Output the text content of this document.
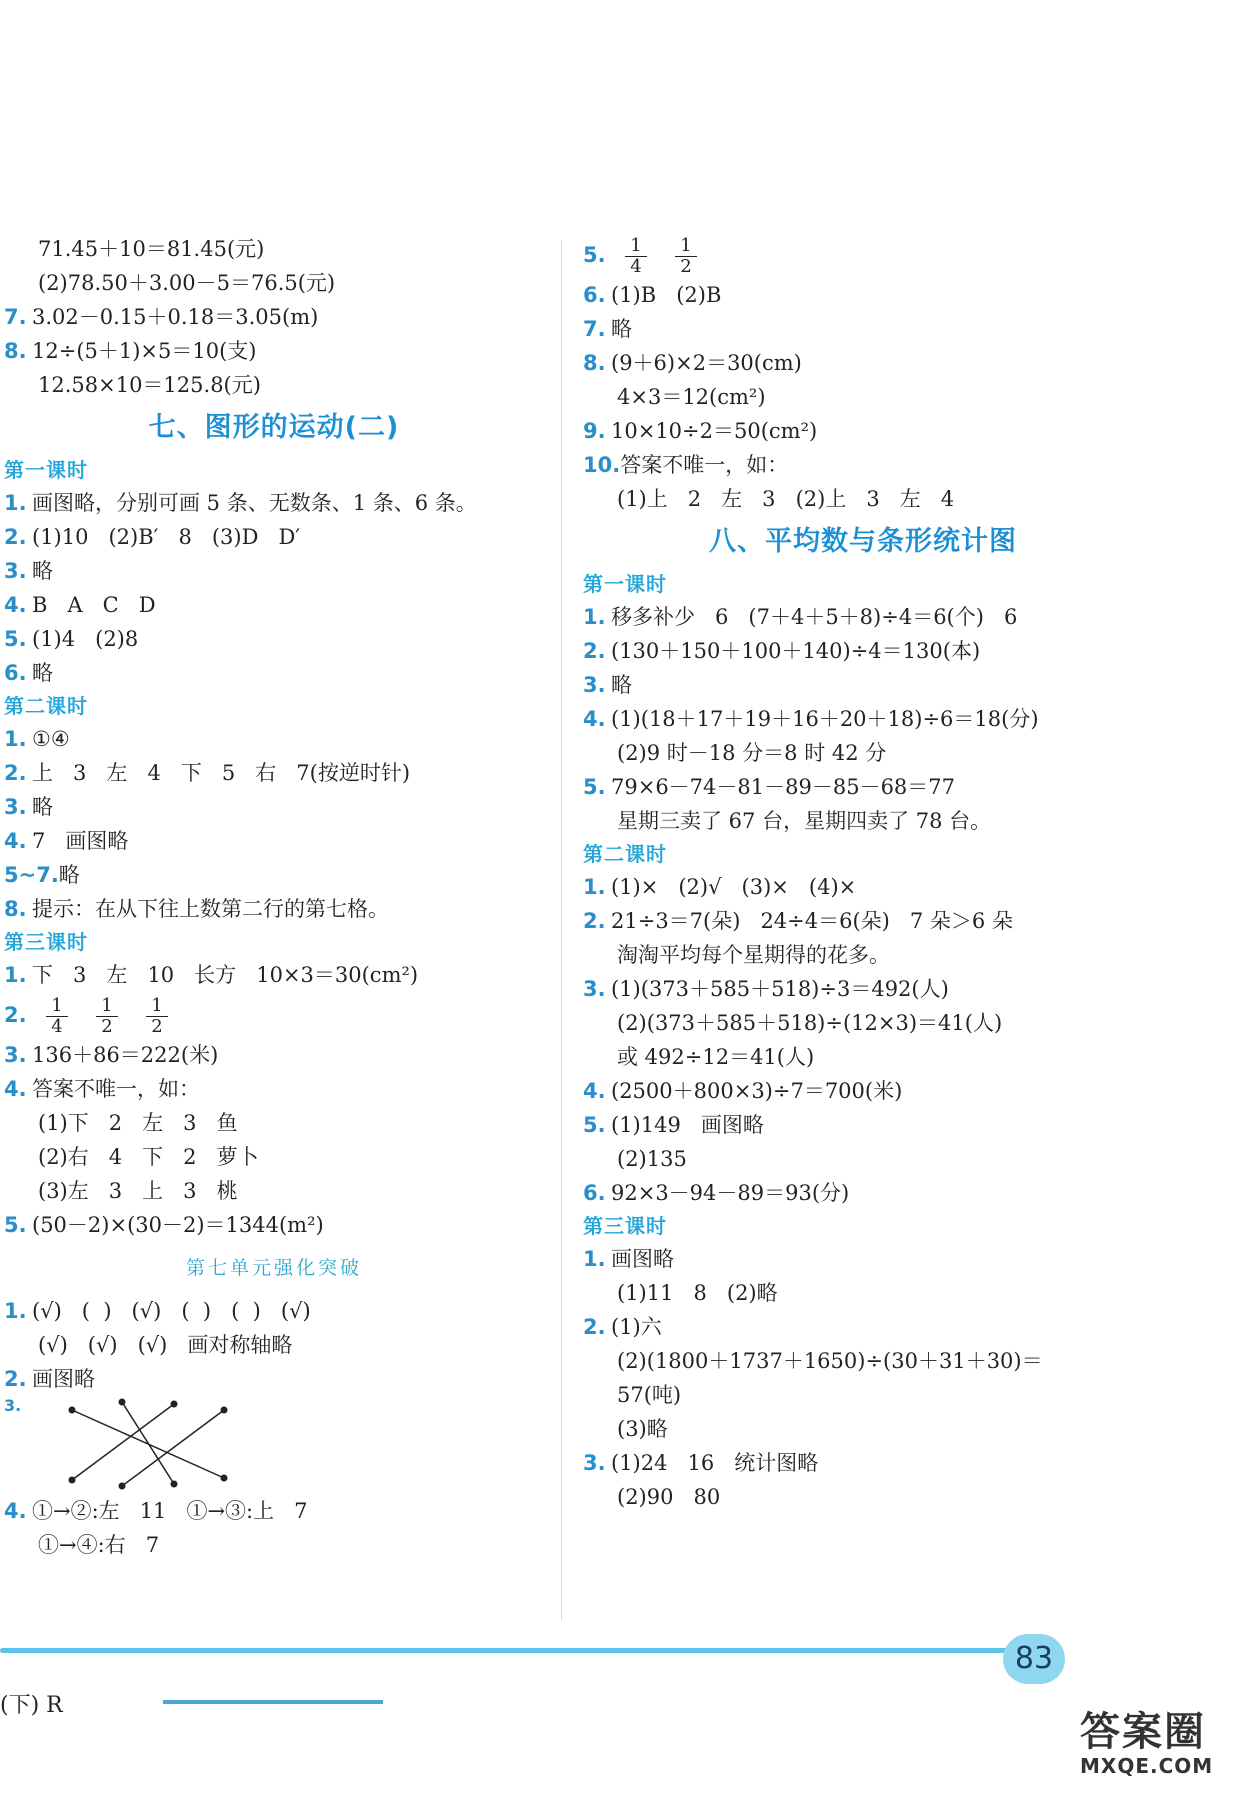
71.45＋10＝81.45(元)
(2)78.50＋3.00－5＝76.5(元)
7. 3.02－0.15＋0.18＝3.05(m)
8. 12÷(5＋1)×5＝10(支)
12.58×10＝125.8(元)
七、图形的运动(二)
第一课时
1. 画图略，分别可画 5 条、无数条、1 条、6 条。
2. (1)10   (2)B′   8   (3)D   D′
3. 略
4. B   A   C   D
5. (1)4   (2)8
6. 略
第二课时
1. ①④
2. 上   3   左   4   下   5   右   7(按逆时针)
3. 略
4. 7   画图略
5~7.略
8. 提示：在从下往上数第二行的第七格。
第三课时
1. 下   3   左   10   长方   10×3＝30(cm²)
2. $\frac{1}{4} \frac{1}{2} \frac{1}{2}$
3. 136＋86＝222(米)
4. 答案不唯一，如：
(1)下   2   左   3   鱼
(2)右   4   下   2   萝卜
(3)左   3   上   3   桃
5. (50－2)×(30－2)＝1344(m²)
第七单元强化突破
1. (√)   (  )   (√)   (  )   (  )   (√)
(√)   (√)   (√)   画对称轴略
2. 画图略
3.
4. ①→②:左   11   ①→③:上   7
①→④:右   7
5. $\frac{1}{4} \frac{1}{2}$
6. (1)B   (2)B
7. 略
8. (9＋6)×2＝30(cm)
4×3＝12(cm²)
9. 10×10÷2＝50(cm²)
10.答案不唯一，如：
(1)上   2   左   3   (2)上   3   左   4
八、平均数与条形统计图
第一课时
1. 移多补少   6   (7＋4＋5＋8)÷4＝6(个)   6
2. (130＋150＋100＋140)÷4＝130(本)
3. 略
4. (1)(18＋17＋19＋16＋20＋18)÷6＝18(分)
(2)9 时－18 分＝8 时 42 分
5. 79×6－74－81－89－85－68＝77
星期三卖了 67 台，星期四卖了 78 台。
第二课时
1. (1)×   (2)√   (3)×   (4)×
2. 21÷3＝7(朵)   24÷4＝6(朵)   7 朵＞6 朵
淘淘平均每个星期得的花多。
3. (1)(373＋585＋518)÷3＝492(人)
(2)(373＋585＋518)÷(12×3)＝41(人)
或 492÷12＝41(人)
4. (2500＋800×3)÷7＝700(米)
5. (1)149   画图略
(2)135
6. 92×3－94－89＝93(分)
第三课时
1. 画图略
(1)11   8   (2)略
2. (1)六
(2)(1800＋1737＋1650)÷(30＋31＋30)＝
57(吨)
(3)略
3. (1)24   16   统计图略
(2)90   80
83
(下) R
答案圈
MXQE.COM
